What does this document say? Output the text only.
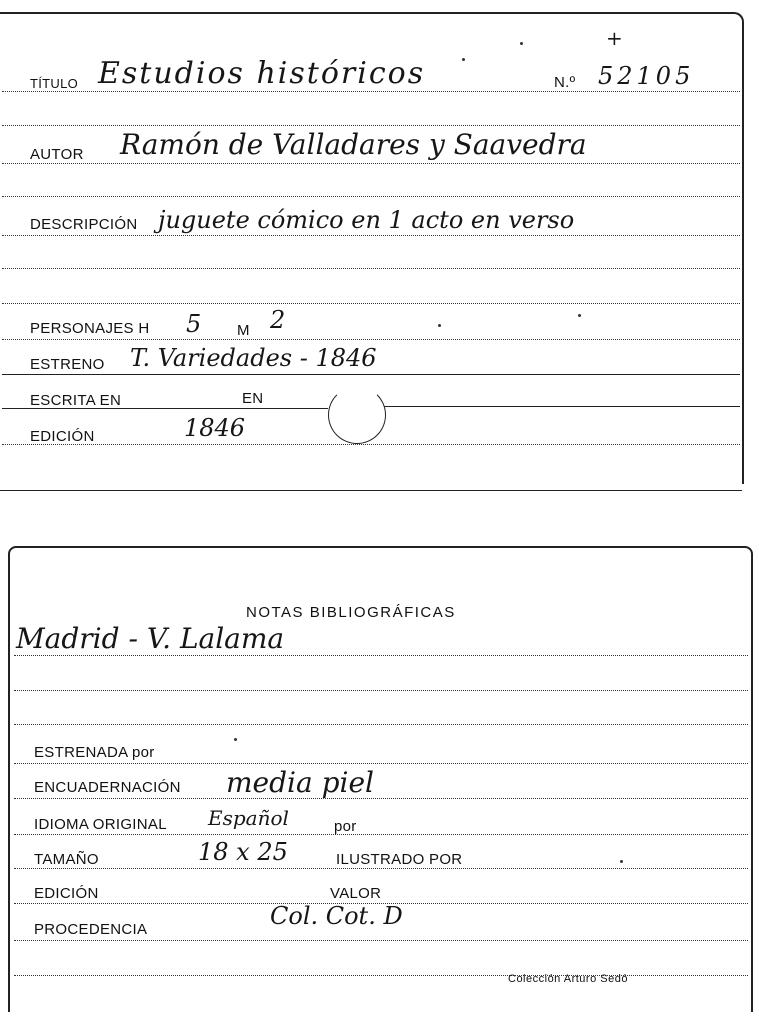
+
TÍTULO Estudios históricos	N.º 52105
AUTOR Ramón de Valladares y Saavedra
DESCRIPCIÓN juguete cómico en 1 acto en verso
PERSONAJES H 5 M 2
ESTRENO T. Variedades - 1846
ESCRITA EN	EN
EDICIÓN	1846
NOTAS BIBLIOGRÁFICAS
Madrid - V. Lalama
ESTRENADA por
ENCUADERNACIÓN media piel
IDIOMA ORIGINAL Español	por
TAMAÑO	18 x 25	ILUSTRADO POR
EDICIÓN	VALOR
PROCEDENCIA	Col. Cot. D
Colección Arturo Sedó
